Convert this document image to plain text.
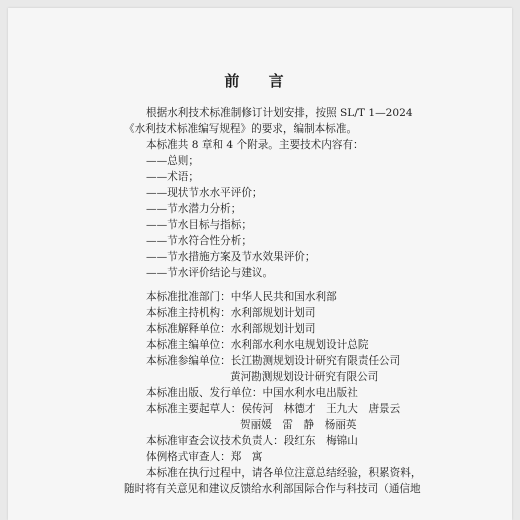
前 言
根据水利技术标准制修订计划安排，按照 SL/T 1—2024
《水利技术标准编写规程》的要求，编制本标准。
本标准共 8 章和 4 个附录。主要技术内容有：
——总则；
——术语；
——现状节水水平评价；
——节水潜力分析；
——节水目标与指标；
——节水符合性分析；
——节水措施方案及节水效果评价；
——节水评价结论与建议。
本标准批准部门：中华人民共和国水利部
本标准主持机构：水利部规划计划司
本标准解释单位：水利部规划计划司
本标准主编单位：水利部水利水电规划设计总院
本标准参编单位：长江勘测规划设计研究有限责任公司
黄河勘测规划设计研究有限公司
本标准出版、发行单位：中国水利水电出版社
本标准主要起草人：侯传河　林德才　王九大　唐景云
贺丽媛　雷　静　杨丽英
本标准审查会议技术负责人：段红东　梅锦山
体例格式审查人：郑　寓
本标准在执行过程中，请各单位注意总结经验，积累资料，
随时将有关意见和建议反馈给水利部国际合作与科技司（通信地
